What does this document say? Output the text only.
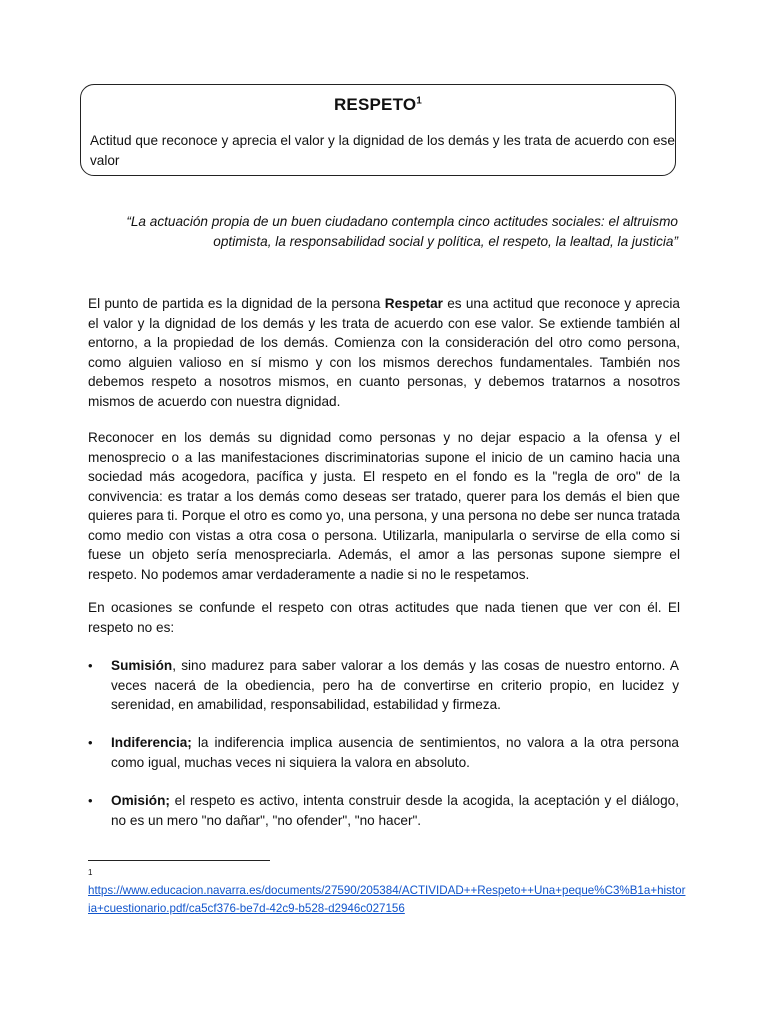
RESPETO$^1$
Actitud que reconoce y aprecia el valor y la dignidad de los demás y les trata de acuerdo con ese valor
“La actuación propia de un buen ciudadano contempla cinco actitudes sociales: el altruismo optimista, la responsabilidad social y política, el respeto, la lealtad, la justicia”
El punto de partida es la dignidad de la persona Respetar es una actitud que reconoce y aprecia el valor y la dignidad de los demás y les trata de acuerdo con ese valor. Se extiende también al entorno, a la propiedad de los demás. Comienza con la consideración del otro como persona, como alguien valioso en sí mismo y con los mismos derechos fundamentales. También nos debemos respeto a nosotros mismos, en cuanto personas, y debemos tratarnos a nosotros mismos de acuerdo con nuestra dignidad.
Reconocer en los demás su dignidad como personas y no dejar espacio a la ofensa y el menosprecio o a las manifestaciones discriminatorias supone el inicio de un camino hacia una sociedad más acogedora, pacífica y justa. El respeto en el fondo es la "regla de oro" de la convivencia: es tratar a los demás como deseas ser tratado, querer para los demás el bien que quieres para ti. Porque el otro es como yo, una persona, y una persona no debe ser nunca tratada como medio con vistas a otra cosa o persona. Utilizarla, manipularla o servirse de ella como si fuese un objeto sería menospreciarla. Además, el amor a las personas supone siempre el respeto. No podemos amar verdaderamente a nadie si no le respetamos.
En ocasiones se confunde el respeto con otras actitudes que nada tienen que ver con él. El respeto no es:
• Sumisión, sino madurez para saber valorar a los demás y las cosas de nuestro entorno. A veces nacerá de la obediencia, pero ha de convertirse en criterio propio, en lucidez y serenidad, en amabilidad, responsabilidad, estabilidad y firmeza.
• Indiferencia; la indiferencia implica ausencia de sentimientos, no valora a la otra persona como igual, muchas veces ni siquiera la valora en absoluto.
• Omisión; el respeto es activo, intenta construir desde la acogida, la aceptación y el diálogo, no es un mero "no dañar", "no ofender", "no hacer".
1
https://www.educacion.navarra.es/documents/27590/205384/ACTIVIDAD++Respeto++Una+peque%C3%B1a+historia+cuestionario.pdf/ca5cf376-be7d-42c9-b528-d2946c027156
